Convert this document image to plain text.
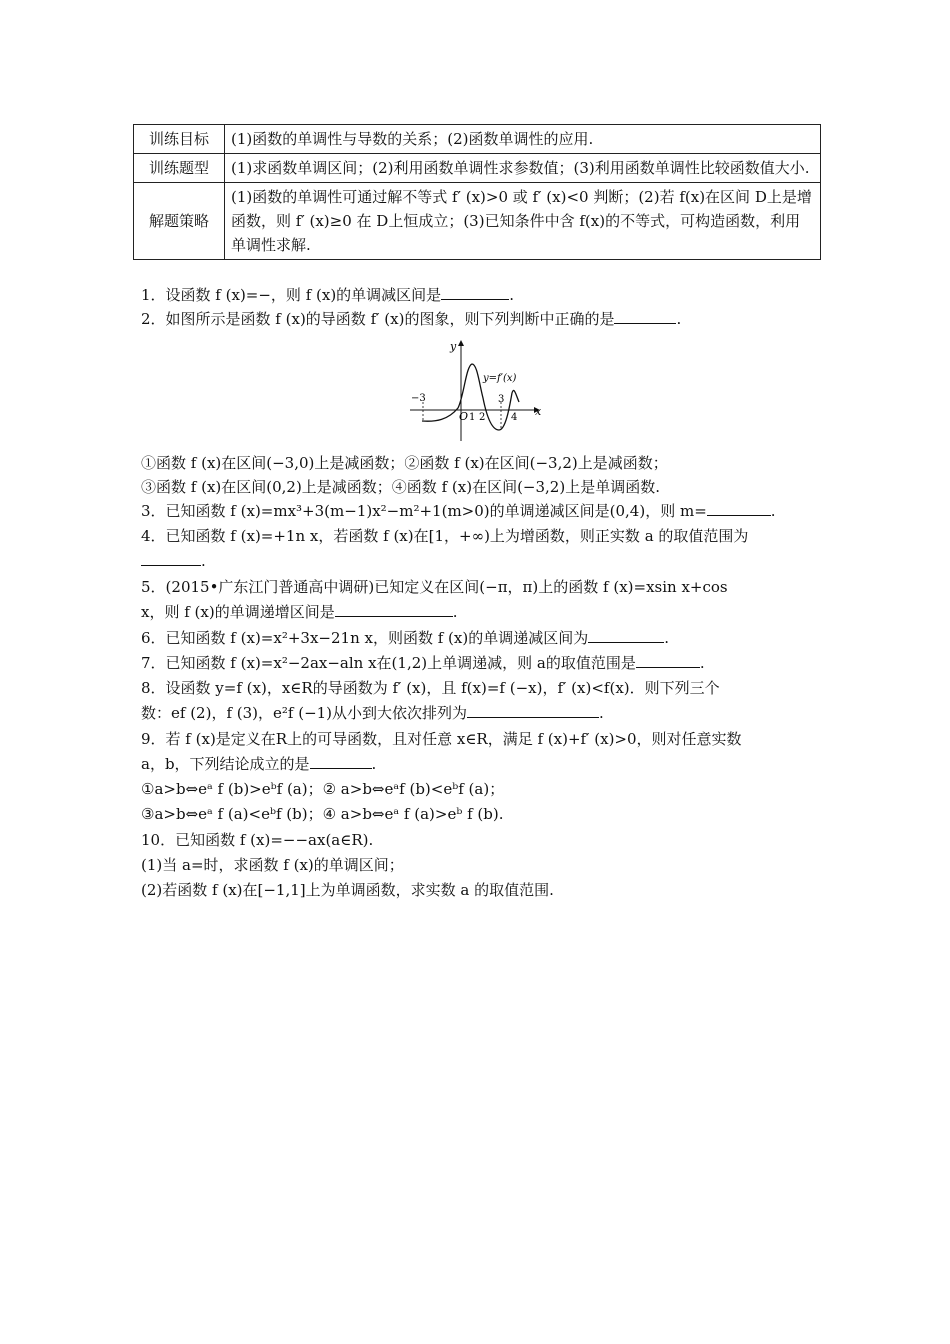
训练目标	(1)函数的单调性与导数的关系；(2)函数单调性的应用.
训练题型	(1)求函数单调区间；(2)利用函数单调性求参数值；(3)利用函数单调性比较函数值大小.
解题策略	(1)函数的单调性可通过解不等式 f′ (x)>0 或 f′ (x)<0 判断；(2)若 f(x)在区间 D上是增函数，则 f′ (x)≥0 在 D上恒成立；(3)已知条件中含 f(x)的不等式，可构造函数，利用单调性求解.
1．设函数 f (x)=−，则 f (x)的单调减区间是	.
2．如图所示是函数 f (x)的导函数 f′ (x)的图象，则下列判断中正确的是	.
y
x
y=f′(x)
−3
O 1 2
3
4
①函数 f (x)在区间(−3,0)上是减函数；②函数 f (x)在区间(−3,2)上是减函数；
③函数 f (x)在区间(0,2)上是减函数；④函数 f (x)在区间(−3,2)上是单调函数.
3．已知函数 f (x)=mx³+3(m−1)x²−m²+1(m>0)的单调递减区间是(0,4)，则 m=	.
4．已知函数 f (x)=+1n x，若函数 f (x)在[1，+∞)上为增函数，则正实数 a 的取值范围为
.
5．(2015•广东江门普通高中调研)已知定义在区间(−π，π)上的函数 f (x)=xsin x+cos
x，则 f (x)的单调递增区间是	.
6．已知函数 f (x)=x²+3x−21n x，则函数 f (x)的单调递减区间为	.
7．已知函数 f (x)=x²−2ax−aln x在(1,2)上单调递减，则 a的取值范围是	.
8．设函数 y=f (x)，x∈R的导函数为 f′ (x)，且 f(x)=f (−x)，f′ (x)<f(x)．则下列三个
数：ef (2)，f (3)，e²f (−1)从小到大依次排列为	.
9．若 f (x)是定义在R上的可导函数，且对任意 x∈R，满足 f (x)+f′ (x)>0，则对任意实数
a，b，下列结论成立的是	.
①a>b⇔eᵃ f (b)>eᵇf (a)；② a>b⇔eᵃf (b)<eᵇf (a)；
③a>b⇔eᵃ f (a)<eᵇf (b)；④ a>b⇔eᵃ f (a)>eᵇ f (b).
10．已知函数 f (x)=−−ax(a∈R).
(1)当 a=时，求函数 f (x)的单调区间；
(2)若函数 f (x)在[−1,1]上为单调函数，求实数 a 的取值范围.
